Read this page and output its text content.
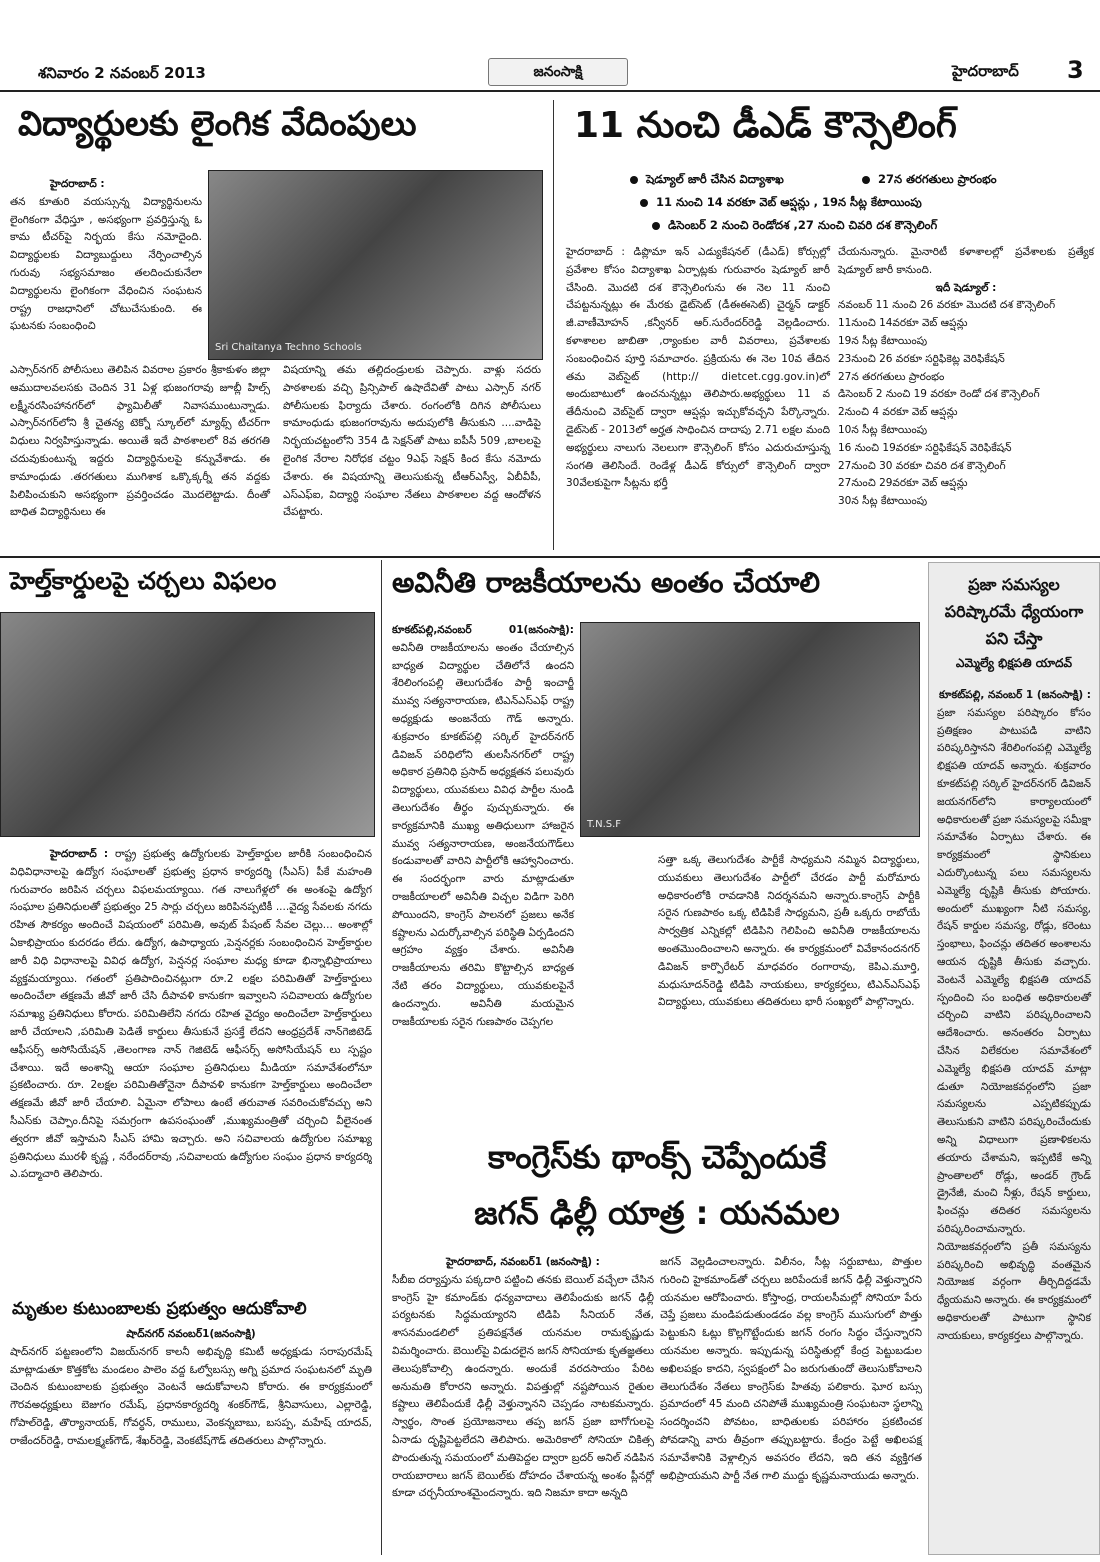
శనివారం 2 నవంబర్ 2013	జనంసాక్షి	హైదరాబాద్ 3
విద్యార్థులకు లైంగిక వేదింపులు
Sri Chaitanya Techno Schools
హైదరాబాద్ :
తన కూతురి వయస్సున్న విద్యార్థినులను లైంగికంగా వేధిస్తూ , అసభ్యంగా ప్రవర్తిస్తున్న ఓ కామ టీచర్‌పై నిర్భయ కేసు నమోదైంది. విద్యార్థులకు విద్యాబుద్దులు నేర్పించాల్సిన గురువు సభ్యసమాజం తలదించుకునేలా విద్యార్థులను లైంగికంగా వేధించిన సంఘటన రాష్ట్ర రాజధానిలో చోటుచేసుకుంది. ఈ ఘటనకు సంబంధించి
ఎస్సార్‌నగర్ పోలీసులు తెలిపిన వివరాల ప్రకారం శ్రీకాకుళం జిల్లా ఆముదాలవలసకు చెందిన 31 ఏళ్ల భుజంగరావు జూబ్లీ హిల్స్ లక్ష్మీనరసింహానగర్‌లో ఫ్యామిలీతో నివాసముంటున్నాడు. ఎస్సార్‌నగర్‌లోని శ్రీ చైతన్య టెక్నో స్కూల్‌లో మ్యాథ్స్ టీచర్‌గా విధులు నిర్వహిస్తున్నాడు. అయితే ఇదే పాఠశాలలో 8వ తరగతి చదువుకుంటున్న ఇద్దరు విద్యార్థినులపై కన్నువేశాడు. ఈ కామాంధుడు .తరగతులు ముగిశాక ఒక్కొక్కర్నీ తన వద్దకు పిలిపించుకుని అసభ్యంగా ప్రవర్తించడం మొదలెట్టాడు. దీంతో బాధిత విద్యార్థినులు ఈ
విషయాన్ని తమ తల్లిదండ్రులకు చెప్పారు. వాళ్లు సదరు పాఠశాలకు వచ్చి ప్రిన్సిపాల్ ఉషాదేవితో పాటు ఎస్సార్ నగర్ పోలీసులకు ఫిర్యాదు చేశారు. రంగంలోకి దిగిన పోలీసులు కామాంధుడు భుజంగరావును అదుపులోకి తీసుకుని ....వాడిపై నిర్భయచట్టంలోని 354 డి సెక్షన్‌తో పాటు ఐపీసీ 509 ,బాలలపై లైంగిక నేరాల నిరోధక చట్టం 9ఎఫ్ సెక్షన్ కింద కేసు నమోదు చేశారు. ఈ విషయాన్ని తెలుసుకున్న టీఆర్ఎస్వీ, ఏబీవీపీ, ఎస్ఎఫ్ఐ, విద్యార్థి సంఘాల నేతలు పాఠశాలల వద్ద ఆందోళన చేపట్టారు.
11 నుంచి డీఎడ్ కౌన్సెలింగ్
షెడ్యూల్ జారీ చేసిన విద్యాశాఖ	27న తరగతులు ప్రారంభం
11 నుంచి 14 వరకూ వెబ్ ఆప్షన్లు , 19న సీట్ల కేటాయింపు
డిసెంబర్ 2 నుంచి రెండోదశ ,27 నుంచి చివరి దశ కౌన్సెలింగ్
హైదరాబాద్ : డిప్లొమా ఇన్ ఎడ్యుకేషనల్ (డీఎడ్) కోర్సుల్లో ప్రవేశాల కోసం విద్యాశాఖ ఏర్పాట్లకు గురువారం షెడ్యూల్ జారీ చేసింది. మొదటి దశ కౌన్సెలింగును ఈ నెల 11 నుంచి చేపట్టనున్నట్లు ఈ మేరకు డైట్‌సెట్ (డీఈఈసెట్) చైర్మన్ డాక్టర్ జీ.వాణీమోహన్ ,కన్వీనర్ ఆర్.సురేందర్‌రెడ్డి వెల్లడించారు. కళాశాలల జాబితా ,ర్యాంకుల వారీ వివరాలు, ప్రవేశాలకు సంబంధించిన పూర్తి సమాచారం. ప్రక్రియను ఈ నెల 10వ తేదిన తమ వెబ్‌సైట్ (http:// dietcet.cgg.gov.in)లో అందుబాటులో ఉంచనున్నట్లు తెలిపారు.అభ్యర్థులు 11 వ తేదీనుంచి వెబ్‌సైట్ ద్వారా ఆప్షన్లు ఇచ్చుకోవచ్చని పేర్కొన్నారు. డైట్‌సెట్ - 2013లో అర్హత సాధించిన దాదాపు 2.71 లక్షల మంది అభ్యర్థులు నాలుగు నెలలుగా కౌన్సెలింగ్ కోసం ఎదురుచూస్తున్న సంగతి తెలిసిందే. రెండేళ్ల డీఎడ్ కోర్సులో కౌన్సెలింగ్ ద్వారా 30వేలకుపైగా సీట్లను భర్తీ
చేయనున్నారు. మైనారిటీ కళాశాలల్లో ప్రవేశాలకు ప్రత్యేక షెడ్యూల్ జారీ కానుంది.
ఇదీ షెడ్యూల్ :
నవంబర్ 11 నుంచి 26 వరకూ మొదటి దశ కౌన్సెలింగ్
11నుంచి 14వరకూ వెబ్ ఆప్షన్లు
19న సీట్ల కేటాయింపు
23నుంచి 26 వరకూ సర్టిఫికెట్ల వెరిఫికేషన్
27న తరగతులు ప్రారంభం
డిసెంబర్ 2 నుంచి 19 వరకూ రెండో దశ కౌన్సెలింగ్
2నుంచి 4 వరకూ వెబ్ ఆప్షన్లు
10న సీట్ల కేటాయింపు
16 నుంచి 19వరకూ సర్టిఫికేషన్ వెరిఫికేషన్
27నుంచి 30 వరకూ చివరి దశ కౌన్సెలింగ్
27నుంచి 29వరకూ వెబ్ ఆప్షన్లు
30న సీట్ల కేటాయింపు
హెల్త్‌కార్డులపై చర్చలు విఫలం
హైదరాబాద్ : రాష్ట్ర ప్రభుత్వ ఉద్యోగులకు హెల్త్‌కార్డుల జారీకి సంబంధించిన విధివిధానాలపై ఉద్యోగ సంఘాలతో ప్రభుత్వ ప్రధాన కార్యదర్శి (సీఎస్) పీకే మహంతి గురువారం జరిపిన చర్చలు విఫలమయ్యాయి. గత నాలుగేళ్లలో ఈ అంశంపై ఉద్యోగ సంఘాల ప్రతినిధులతో ప్రభుత్వం 25 సార్లు చర్చలు జరిపినప్పటికీ ....వైద్య సేవలకు నగదు రహిత సౌకర్యం అందించే విషయంలో పరిమితి, అవుట్ పేషంట్ సేవల చెల్లు... అంశాల్లో ఏకాభిప్రాయం కుదరడం లేదు. ఉద్యోగ, ఉపాధ్యాయ ,పెన్షనర్లకు సంబంధించిన హెల్త్‌కార్డుల జారీ విధి విధానాలపై వివిధ ఉద్యోగ, పెన్షనర్ల సంఘాల మధ్య కూడా భిన్నాభిప్రాయాలు వ్యక్తమయ్యాయి. గతంలో ప్రతిపాదించినట్లుగా రూ.2 లక్షల పరిమితితో హెల్త్‌కార్డులు అందించేలా తక్షణమే జీవో జారీ చేసి దీపావళి కానుకగా ఇవ్వాలని సచివాలయ ఉద్యోగుల సమాఖ్య ప్రతినిధులు కోరారు. పరిమితిలేని నగదు రహిత వైద్యం అందించేలా హెల్త్‌కార్డులు జారీ చేయాలని ,పరిమితి పెడితే కార్డులు తీసుకునే ప్రసక్తే లేదని ఆంధ్రప్రదేశ్ నాన్‌గెజిటెడ్ ఆఫీసర్స్ అసోసియేషన్ ,తెలంగాణ నాన్ గెజిటెడ్ ఆఫీసర్స్ అసోసియేషన్ లు స్పష్టం చేశాయి. ఇదే అంశాన్ని ఆయా సంఘాల ప్రతినిధులు మీడియా సమావేశంలోనూ ప్రకటించారు. రూ. 2లక్షల పరిమితితోనైనా దీపావళి కానుకగా హెల్త్‌కార్డులు అందించేలా తక్షణమే జీవో జారీ చేయాలి. ఏమైనా లోపాలు ఉంటే తరువాత సవరించుకోవచ్చు అని సీఎస్‌కు చెప్పాం.దీనిపై సమగ్రంగా ఉపసంఘంతో ,ముఖ్యమంత్రితో చర్చించి వీలైనంత త్వరగా జీవో ఇస్తామని సీఎస్ హామి ఇచ్చారు. అని సచివాలయ ఉద్యోగుల సమాఖ్య ప్రతినిధులు మురళీ కృష్ణ , నరేందర్‌రావు ,సచివాలయ ఉద్యోగుల సంఘం ప్రధాన కార్యదర్శి ఎ.పద్మాచారి తెలిపారు.
మృతుల కుటుంబాలకు ప్రభుత్వం ఆదుకోవాలి
షాద్‌నగర్ నవంబర్1(జనంసాక్షి)
షాద్‌నగర్ పట్టణంలోని విజయ్‌నగర్ కాలనీ అభివృద్ధి కమిటీ అధ్యక్షుడు సరాపురమేష్ మాట్లాడుతూ కొత్తకోట మండలం పాలెం వద్ద ఓల్వోబస్సు అగ్ని ప్రమాద సంఘటనలో మృతి చెందిన కుటుంబాలకు ప్రభుత్వం వెంటనే ఆదుకోవాలని కోరారు. ఈ కార్యక్రమంలో గౌరవఅధ్యక్షులు బెజుగం రమేష్, ప్రధానకార్యదర్శి శంకర్‌గౌడ్, శ్రీనివాసులు, ఎల్లారెడ్డి, గోపాల్‌రెడ్డి, తొర్యానాయక్, గోవర్ధన్, రాములు, వెంకన్నబాబు, బసప్ప, మహేష్ యాదవ్, రాజేందర్‌రెడ్డి, రామలక్ష్మణ్‌గౌడ్, శేఖర్‌రెడ్డి, వెంకటేష్‌గౌడ్ తదితరులు పాల్గొన్నారు.
అవినీతి రాజకీయాలను అంతం చేయాలి
కూకట్‌పల్లి,నవంబర్ 01(జనంసాక్షి): అవినీతి రాజకీయాలను అంతం చేయాల్సిన బాధ్యత విద్యార్థుల చేతిలోనే ఉందని శేరిలింగంపల్లి తెలుగుదేశం పార్టీ ఇంచార్జీ మువ్వ సత్యనారాయణ, టిఎన్ఎస్ఎఫ్ రాష్ట్ర అధ్యక్షుడు అంజనేయ గౌడ్ అన్నారు. శుక్రవారం కూకట్‌పల్లి సర్కిల్ హైదర్‌నగర్ డివిజన్ పరిధిలోని తులసీనగర్‌లో రాష్ట్ర అధికార ప్రతినిధి ప్రసాద్ అధ్యక్షతన పలువురు విద్యార్థులు, యువకులు వివిధ పార్టీల నుండి తెలుగుదేశం తీర్థం పుచ్చుకున్నారు. ఈ కార్యక్రమానికి ముఖ్య అతిధులుగా హాజరైన మువ్వ సత్యనారాయణ, అంజనేయగౌడ్‌లు కండువాలతో వారిని పార్టీలోకి ఆహ్వానించారు. ఈ సందర్భంగా వారు మాట్లాడుతూ రాజకీయాలలో అవినీతి విచ్చల విడిగా పెరిగి పోయిందని, కాంగ్రెస్ పాలనలో ప్రజలు అనేక కష్టాలను ఎదుర్కోవాల్సిన పరిస్థితి ఏర్పడిందని ఆగ్రహం వ్యక్తం చేశారు. అవినీతి రాజకీయాలను తరిమి కొట్టాల్సిన బాధ్యత నేటి తరం విద్యార్థులు, యువకులపైనే ఉందన్నారు. అవినీతి మయమైన రాజకీయాలకు సరైన గుణపాఠం చెప్పగల
T.N.S.F
సత్తా ఒక్క తెలుగుదేశం పార్టీకే సాధ్యమని నమ్మిన విద్యార్థులు, యువకులు తెలుగుదేశం పార్టీలో చేరడం పార్టీ మరోమారు అధికారంలోకి రావడానికి నిదర్శనమని అన్నారు.కాంగ్రెస్ పార్టీకి సరైన గుణపాఠం ఒక్క టిడిపికే సాధ్యమని, ప్రతీ ఒక్కరు రాబోయే సార్వత్రిక ఎన్నికల్లో టిడిపిని గెలిపించి అవినీతి రాజకీయాలను అంతమొందించాలని అన్నారు. ఈ కార్యక్రమంలో వివేకానందనగర్ డివిజన్ కార్పొరేటర్ మాధవరం రంగారావు, కెపిఎ.మూర్తి, మధుసూదన్‌రెడ్డి టిడిపి నాయకులు, కార్యకర్తలు, టిఎన్ఎస్ఎఫ్ విద్యార్థులు, యువకులు తదితరులు భారీ సంఖ్యలో పాల్గొన్నారు.
కాంగ్రెస్‌కు థాంక్స్ చెప్పేందుకే
జగన్ ఢిల్లీ యాత్ర : యనమల
హైదరాబాద్, నవంబర్1 (జనంసాక్షి) :
సీబీఐ దర్యాప్తును పక్కదారి పట్టించి తనకు బెయిల్ వచ్చేలా చేసిన కాంగ్రెస్ హై కమాండ్‌కు ధన్యవాదాలు తెలిపేందుకు జగన్ ఢిల్లీ పర్యటనకు సిద్ధమయ్యారని టిడిపి సీనియర్ నేత, శాసనమండలిలో ప్రతిపక్షనేత యనమల రామకృష్ణుడు విమర్శించారు. బెయిల్‌పై విడుదలైన జగన్ సోనియాకు కృతజ్ఞతలు తెలుపుకోవాల్సి ఉందన్నారు. అందుకే వరదసాయం పేరిట అనుమతి కోరారని అన్నారు. విపత్తుల్లో నష్టపోయిన రైతుల కష్టాలు తెలిపేందుకే ఢిల్లీ వెళ్తున్నానని చెప్పడం నాటకమన్నారు. స్వార్థం, సొంత ప్రయోజనాలు తప్ప జగన్ ప్రజా బాగోగులపై ఏనాడు దృష్టిపెట్టలేదని తెలిపారు. అమెరికాలో సోనియా చికిత్స పొందుతున్న సమయంలో మతిపెద్దల ద్వారా బ్రదర్ అనిల్ నడిపిన రాయబారాలు జగన్ బెయిల్‌కు దోహదం చేశాయన్న అంశం ప్లీనర్లో కూడా చర్చనీయాంశమైందన్నారు. ఇది నిజమా కాదా అన్నది
జగన్ వెల్లడించాలన్నారు. విలీనం, సీట్ల సర్దుబాటు, పొత్తుల గురించి హైకమాండ్‌తో చర్చలు జరిపేందుకే జగన్ ఢిల్లీ వెళ్తున్నారని యనమల ఆరోపించారు. కోస్తాంధ్ర, రాయలసీమల్లో సోనియా పేరు చెప్తే ప్రజలు మండిపడుతుండడం వల్ల కాంగ్రెస్ ముసుగులో పొత్తు పెట్టుకుని ఓట్లు కొల్లగొట్టేందుకు జగన్ రంగం సిద్ధం చేస్తున్నారని యనమల అన్నారు. ఇప్పుడున్న పరిస్థితుల్లో కేంద్ర పెట్టుబడుల అఖిలపక్షం కాదని, స్వపక్షంలో ఏం జరుగుతుందో తెలుసుకోవాలని తెలుగుదేశం నేతలు కాంగ్రెస్‌కు హితవు పలికారు. ఘోర బస్సు ప్రమాదంలో 45 మంది చనిపోతే ముఖ్యమంత్రి సంఘటనా స్థలాన్ని సందర్శించని పోవటం, బాధితులకు పరిహారం ప్రకటించక పోవడాన్ని వారు తీవ్రంగా తప్పుబట్టారు. కేంద్రం పెట్టే అఖిలపక్ష సమావేశానికి వెళ్లాల్సిన అవసరం లేదని, ఇది తన వ్యక్తిగత అభిప్రాయమని పార్టీ నేత గాలి ముద్దు కృష్ణమనాయుడు అన్నారు.
ప్రజా సమస్యల పరిష్కారమే ధ్యేయంగా పని చేస్తా
ఎమ్మెల్యే భిక్షపతి యాదవ్
కూకట్‌పల్లి, నవంబర్ 1 (జనంసాక్షి) :
ప్రజా సమస్యల పరిష్కారం కోసం ప్రతిక్షణం పాటుపడి వాటిని పరిష్కరిస్తానని శేరిలింగంపల్లి ఎమ్మెల్యే భిక్షపతి యాదవ్ అన్నారు. శుక్రవారం కూకట్‌పల్లి సర్కిల్ హైదర్‌నగర్ డివిజన్ జయనగర్‌లోని కార్యాలయంలో అధికారులతో ప్రజా సమస్యలపై సమీక్షా సమావేశం ఏర్పాటు చేశారు. ఈ కార్యక్రమంలో స్థానికులు ఎదుర్కొంటున్న పలు సమస్యలను ఎమ్మెల్యే దృష్టికి తీసుకు పోయారు. అందులో ముఖ్యంగా నీటి సమస్య, రేషన్ కార్డుల సమస్య, రోడ్లు, కరెంటు స్తంభాలు, ఫించన్లు తదితర అంశాలను ఆయన దృష్టికి తీసుకు వచ్చారు. వెంటనే ఎమ్మెల్యే భిక్షపతి యాదవ్ స్పందించి సం బంధిత అధికారులతో చర్చించి వాటిని పరిష్కరించాలని ఆదేశించారు. అనంతరం ఏర్పాటు చేసిన విలేకరుల సమావేశంలో ఎమ్మెల్యే భిక్షపతి యాదవ్ మాట్లా డుతూ నియోజకవర్గంలోని ప్రజా సమస్యలను ఎప్పటికప్పుడు తెలుసుకుని వాటిని పరిష్కరించేందుకు అన్ని విధాలుగా ప్రణాళికలను తయారు చేశామని, ఇప్పటికే అన్ని ప్రాంతాలలో రోడ్లు, అండర్ గ్రౌండ్ డ్రైనేజీ, మంచి నీళ్లు, రేషన్ కార్డులు, ఫించన్లు తదితర సమస్యలను పరిష్కరించామన్నారు. నియోజకవర్గంలోని ప్రతీ సమస్యను పరిష్కరించి అభివృద్ధి వంతమైన నియోజక వర్గంగా తీర్చిదిద్దడమే ధ్యేయమని అన్నారు. ఈ కార్యక్రమంలో అధికారులతో పాటుగా స్థానిక నాయకులు, కార్యకర్తలు పాల్గొన్నారు.
